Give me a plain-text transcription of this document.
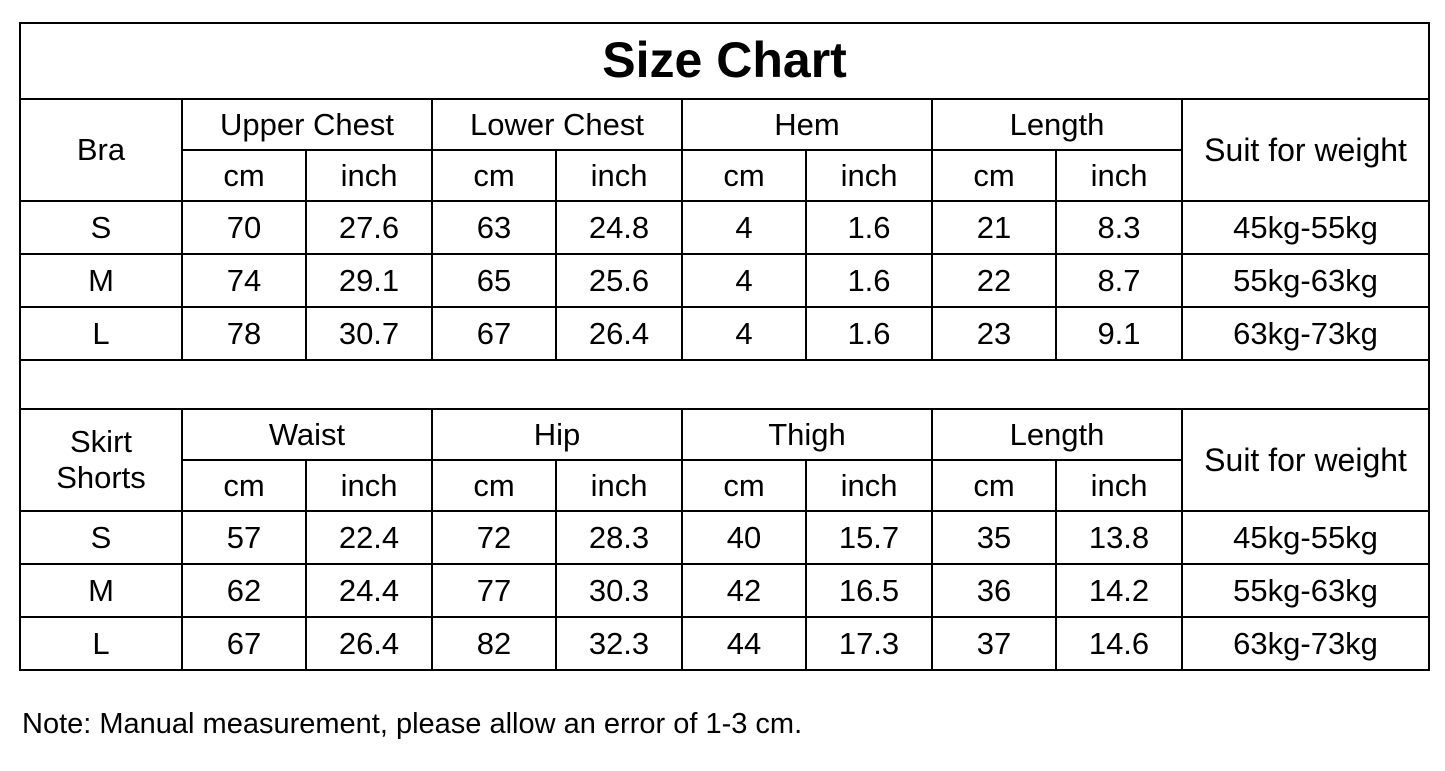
Size Chart									
Bra	Upper Chest		Lower Chest		Hem		Length		Suit for weight
	cm	inch	cm	inch	cm	inch	cm	inch	
S	70	27.6	63	24.8	4	1.6	21	8.3	45kg-55kg
M	74	29.1	65	25.6	4	1.6	22	8.7	55kg-63kg
L	78	30.7	67	26.4	4	1.6	23	9.1	63kg-73kg

Skirt
Shorts	Waist		Hip		Thigh		Length		Suit for weight
	cm	inch	cm	inch	cm	inch	cm	inch	
S	57	22.4	72	28.3	40	15.7	35	13.8	45kg-55kg
M	62	24.4	77	30.3	42	16.5	36	14.2	55kg-63kg
L	67	26.4	82	32.3	44	17.3	37	14.6	63kg-73kg
Note: Manual measurement, please allow an error of 1-3 cm.
